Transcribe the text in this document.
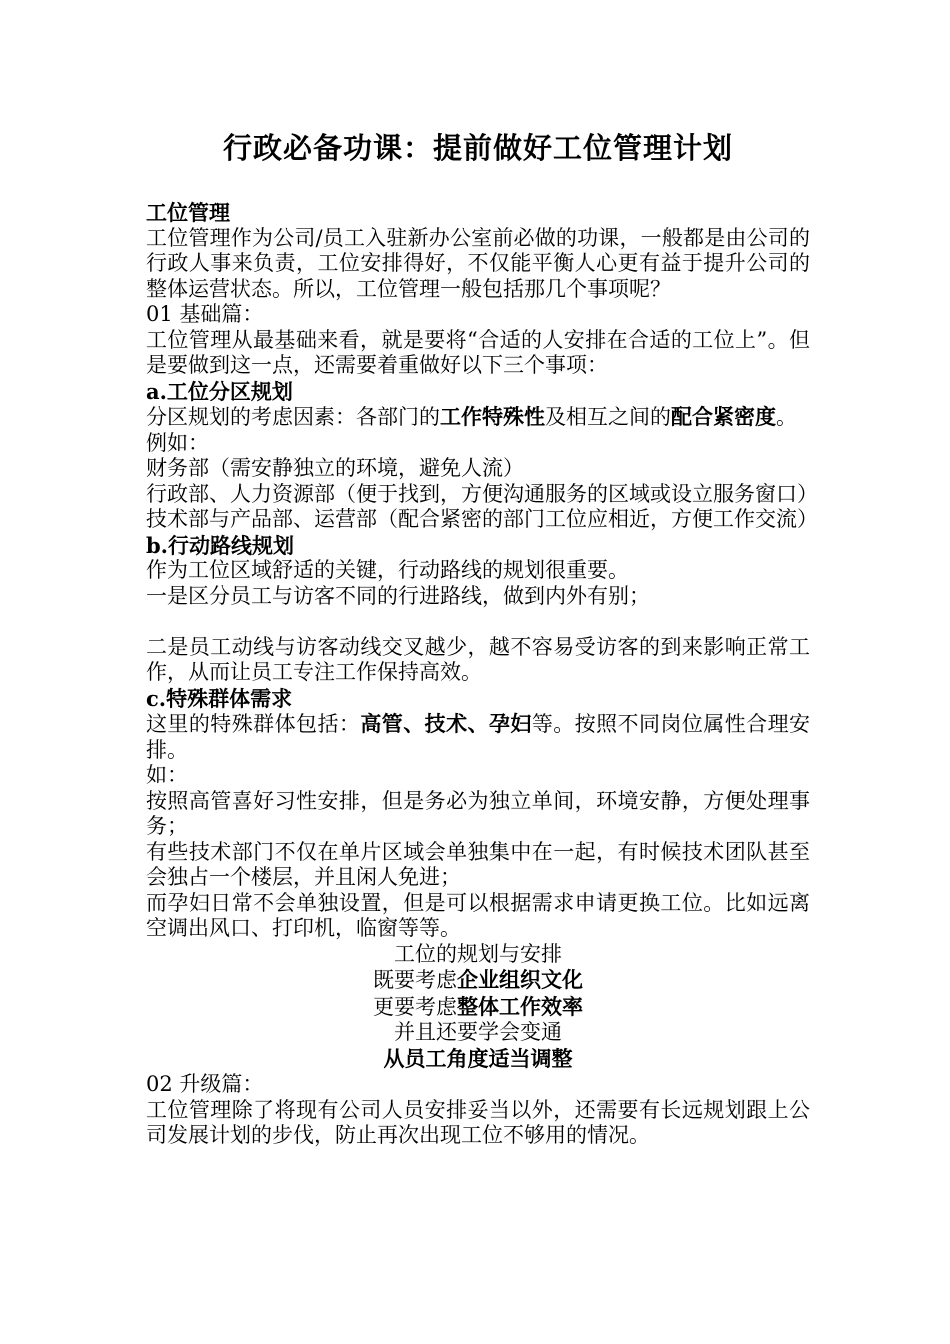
行政必备功课：提前做好工位管理计划
工位管理

工位管理作为公司/员工入驻新办公室前必做的功课，一般都是由公司的行政人事来负责，工位安排得好，不仅能平衡人心更有益于提升公司的整体运营状态。所以，工位管理一般包括那几个事项呢？

01 基础篇：

工位管理从最基础来看，就是要将“合适的人安排在合适的工位上”。但是要做到这一点，还需要着重做好以下三个事项：

a.工位分区规划

分区规划的考虑因素：各部门的工作特殊性及相互之间的配合紧密度。

例如：

财务部（需安静独立的环境，避免人流）

行政部、人力资源部（便于找到，方便沟通服务的区域或设立服务窗口）

技术部与产品部、运营部（配合紧密的部门工位应相近，方便工作交流）

b.行动路线规划

作为工位区域舒适的关键，行动路线的规划很重要。

一是区分员工与访客不同的行进路线，做到内外有别；

二是员工动线与访客动线交叉越少，越不容易受访客的到来影响正常工作，从而让员工专注工作保持高效。

c.特殊群体需求

这里的特殊群体包括：高管、技术、孕妇等。按照不同岗位属性合理安排。

如：

按照高管喜好习性安排，但是务必为独立单间，环境安静，方便处理事务；

有些技术部门不仅在单片区域会单独集中在一起，有时候技术团队甚至会独占一个楼层，并且闲人免进；

而孕妇日常不会单独设置，但是可以根据需求申请更换工位。比如远离空调出风口、打印机，临窗等等。

工位的规划与安排

既要考虑企业组织文化

更要考虑整体工作效率

并且还要学会变通

从员工角度适当调整

02 升级篇：

工位管理除了将现有公司人员安排妥当以外，还需要有长远规划跟上公司发展计划的步伐，防止再次出现工位不够用的情况。
